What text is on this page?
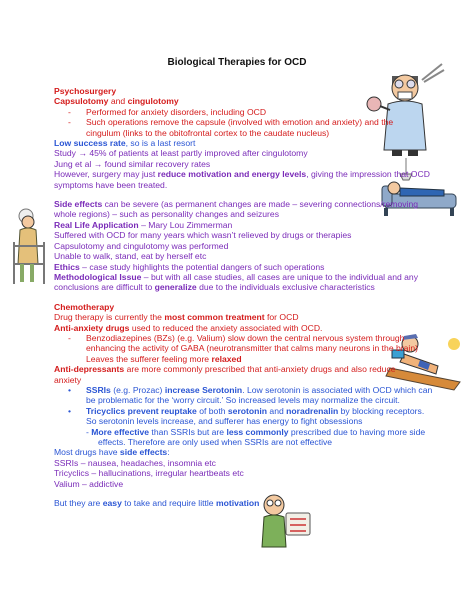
Biological Therapies for OCD
Psychosurgery
Capsulotomy and cingulotomy
- Performed for anxiety disorders, including OCD
- Such operations remove the capsule (involved with emotion and anxiety) and the
cingulum (links to the obitofrontal cortex to the caudate nucleus)
Low success rate, so is a last resort
Study → 45% of patients at least partly improved after cingulotomy
Jung et al → found similar recovery rates
However, surgery may just reduce motivation and energy levels, giving the impression that OCD
symptoms have been treated.
Side effects can be severe (as permanent changes are made – severing connections/removing
whole regions) – such as personality changes and seizures
Real Life Application – Mary Lou Zimmerman
Suffered with OCD for many years which wasn’t relieved by drugs or therapies
Capsulotomy and cingulotomy was performed
Unable to walk, stand, eat by herself etc
Ethics – case study highlights the potential dangers of such operations
Methodological Issue – but with all case studies, all cases are unique to the individual and any
conclusions are difficult to generalize due to the individuals exclusive characteristics
Chemotherapy
Drug therapy is currently the most common treatment for OCD
Anti-anxiety drugs used to reduced the anxiety associated with OCD.
- Benzodiazepines (BZs) (e.g. Valium) slow down the central nervous system through
enhancing the activity of GABA (neurotransmitter that calms many neurons in the brain)
Leaves the sufferer feeling more relaxed
Anti-depressants are more commonly prescribed that anti-anxiety drugs and also reduce
anxiety
• SSRIs (e.g. Prozac) increase Serotonin. Low serotonin is associated with OCD which can
be problematic for the ‘worry circuit.’ So increased levels may normalize the circuit.
• Tricyclics prevent reuptake of both serotonin and noradrenalin by blocking receptors.
So serotonin levels increase, and sufferer has energy to fight obsessions
- More effective than SSRIs but are less commonly prescribed due to having more side
effects. Therefore are only used when SSRIs are not effective
Most drugs have side effects:
SSRIs – nausea, headaches, insomnia etc
Tricyclics – hallucinations, irregular heartbeats etc
Valium – addictive
But they are easy to take and require little motivation
